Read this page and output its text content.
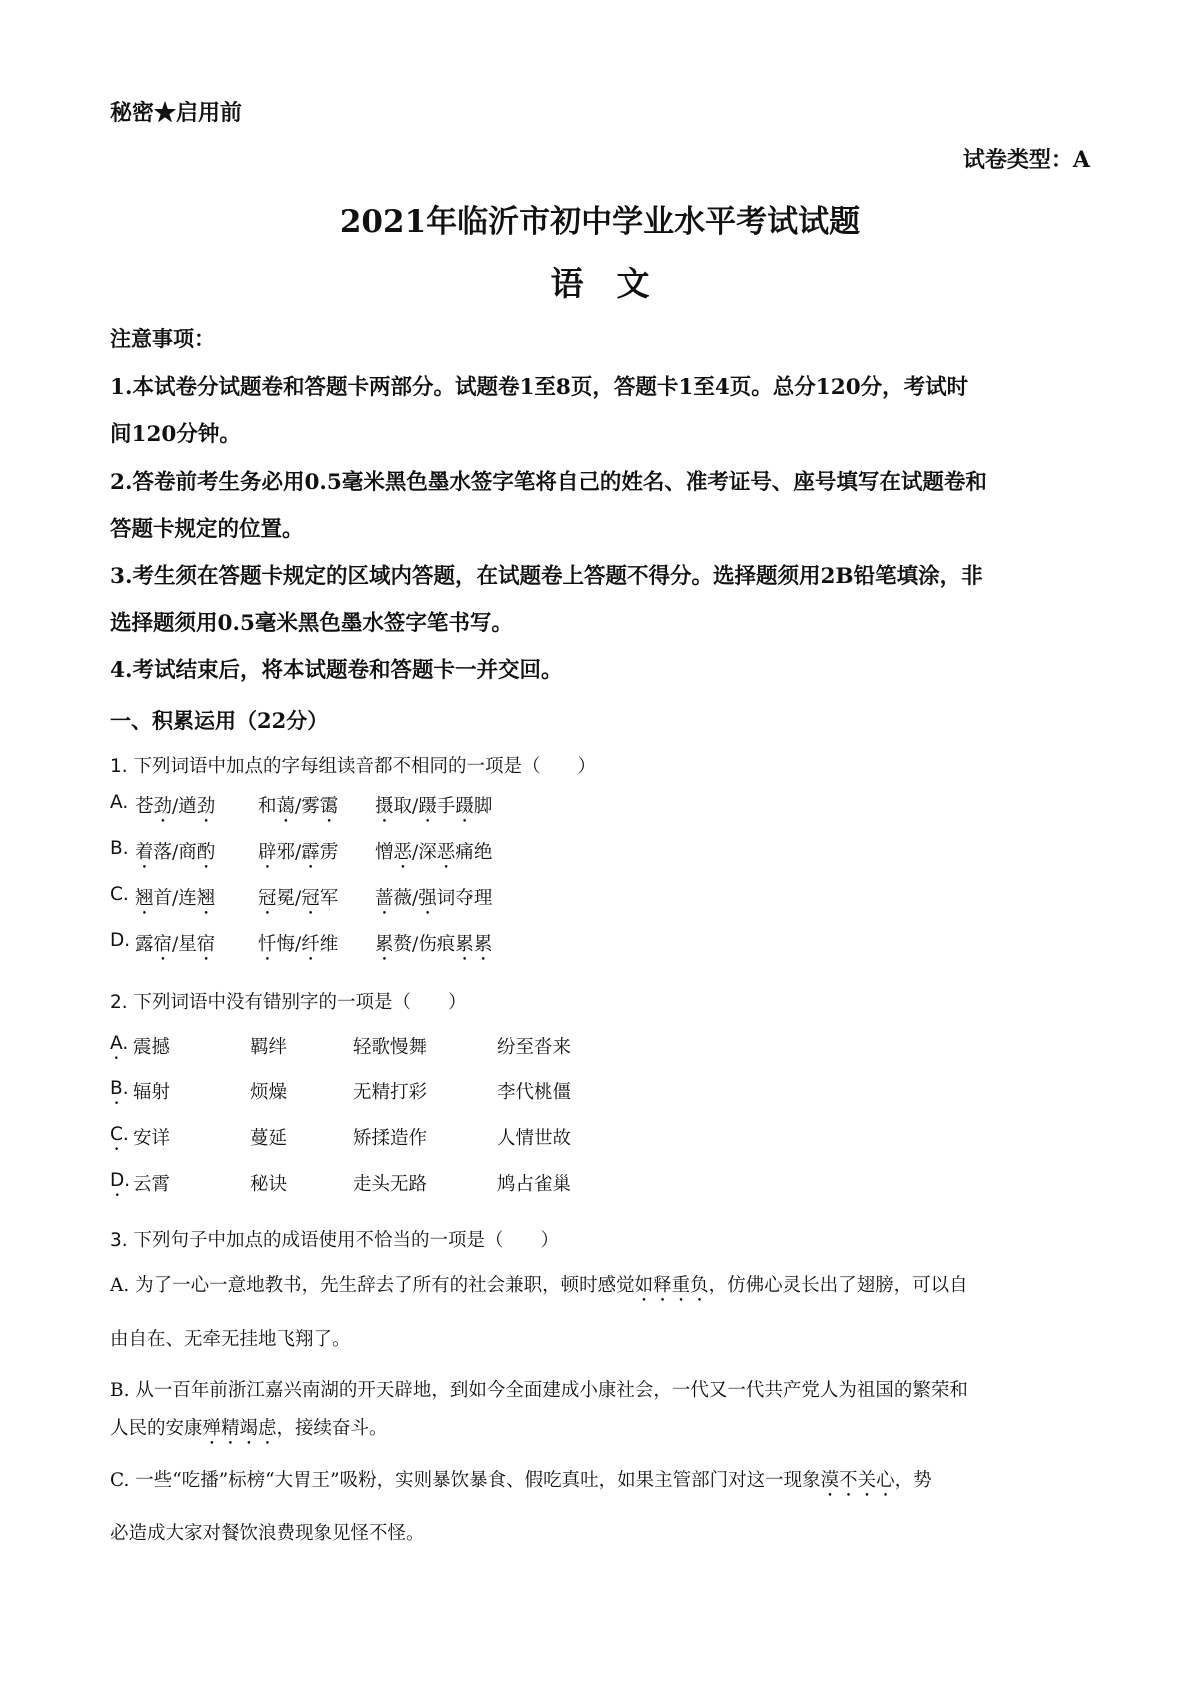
秘密★启用前
试卷类型：A
2021年临沂市初中学业水平考试试题
语　文
注意事项：
1.本试卷分试题卷和答题卡两部分。试题卷1至8页，答题卡1至4页。总分120分，考试时
间120分钟。
2.答卷前考生务必用0.5毫米黑色墨水签字笔将自己的姓名、准考证号、座号填写在试题卷和
答题卡规定的位置。
3.考生须在答题卡规定的区域内答题，在试题卷上答题不得分。选择题须用2B铅笔填涂，非
选择题须用0.5毫米黑色墨水签字笔书写。
4.考试结束后，将本试题卷和答题卡一并交回。
一、积累运用（22分）
1. 下列词语中加点的字每组读音都不相同的一项是（　　）
A. 苍劲/遒劲 和蔼/雾霭 摄取/蹑手蹑脚
B. 着落/商酌 辟邪/霹雳 憎恶/深恶痛绝
C. 翘首/连翘 冠冕/冠军 蔷薇/强词夺理
D. 露宿/星宿 忏悔/纤维 累赘/伤痕累累
2. 下列词语中没有错别字的一项是（　　）
A. 震撼	羁绊	轻歌慢舞	纷至沓来
B. 辐射	烦燥	无精打彩	李代桃僵
C. 安详	蔓延	矫揉造作	人情世故
D. 云霄	秘诀	走头无路	鸠占雀巢
3. 下列句子中加点的成语使用不恰当的一项是（　　）
A. 为了一心一意地教书，先生辞去了所有的社会兼职，顿时感觉如释重负，仿佛心灵长出了翅膀，可以自
由自在、无牵无挂地飞翔了。
B. 从一百年前浙江嘉兴南湖的开天辟地，到如今全面建成小康社会，一代又一代共产党人为祖国的繁荣和
人民的安康殚精竭虑，接续奋斗。
C. 一些“吃播”标榜“大胃王”吸粉，实则暴饮暴食、假吃真吐，如果主管部门对这一现象漠不关心，势
必造成大家对餐饮浪费现象见怪不怪。
